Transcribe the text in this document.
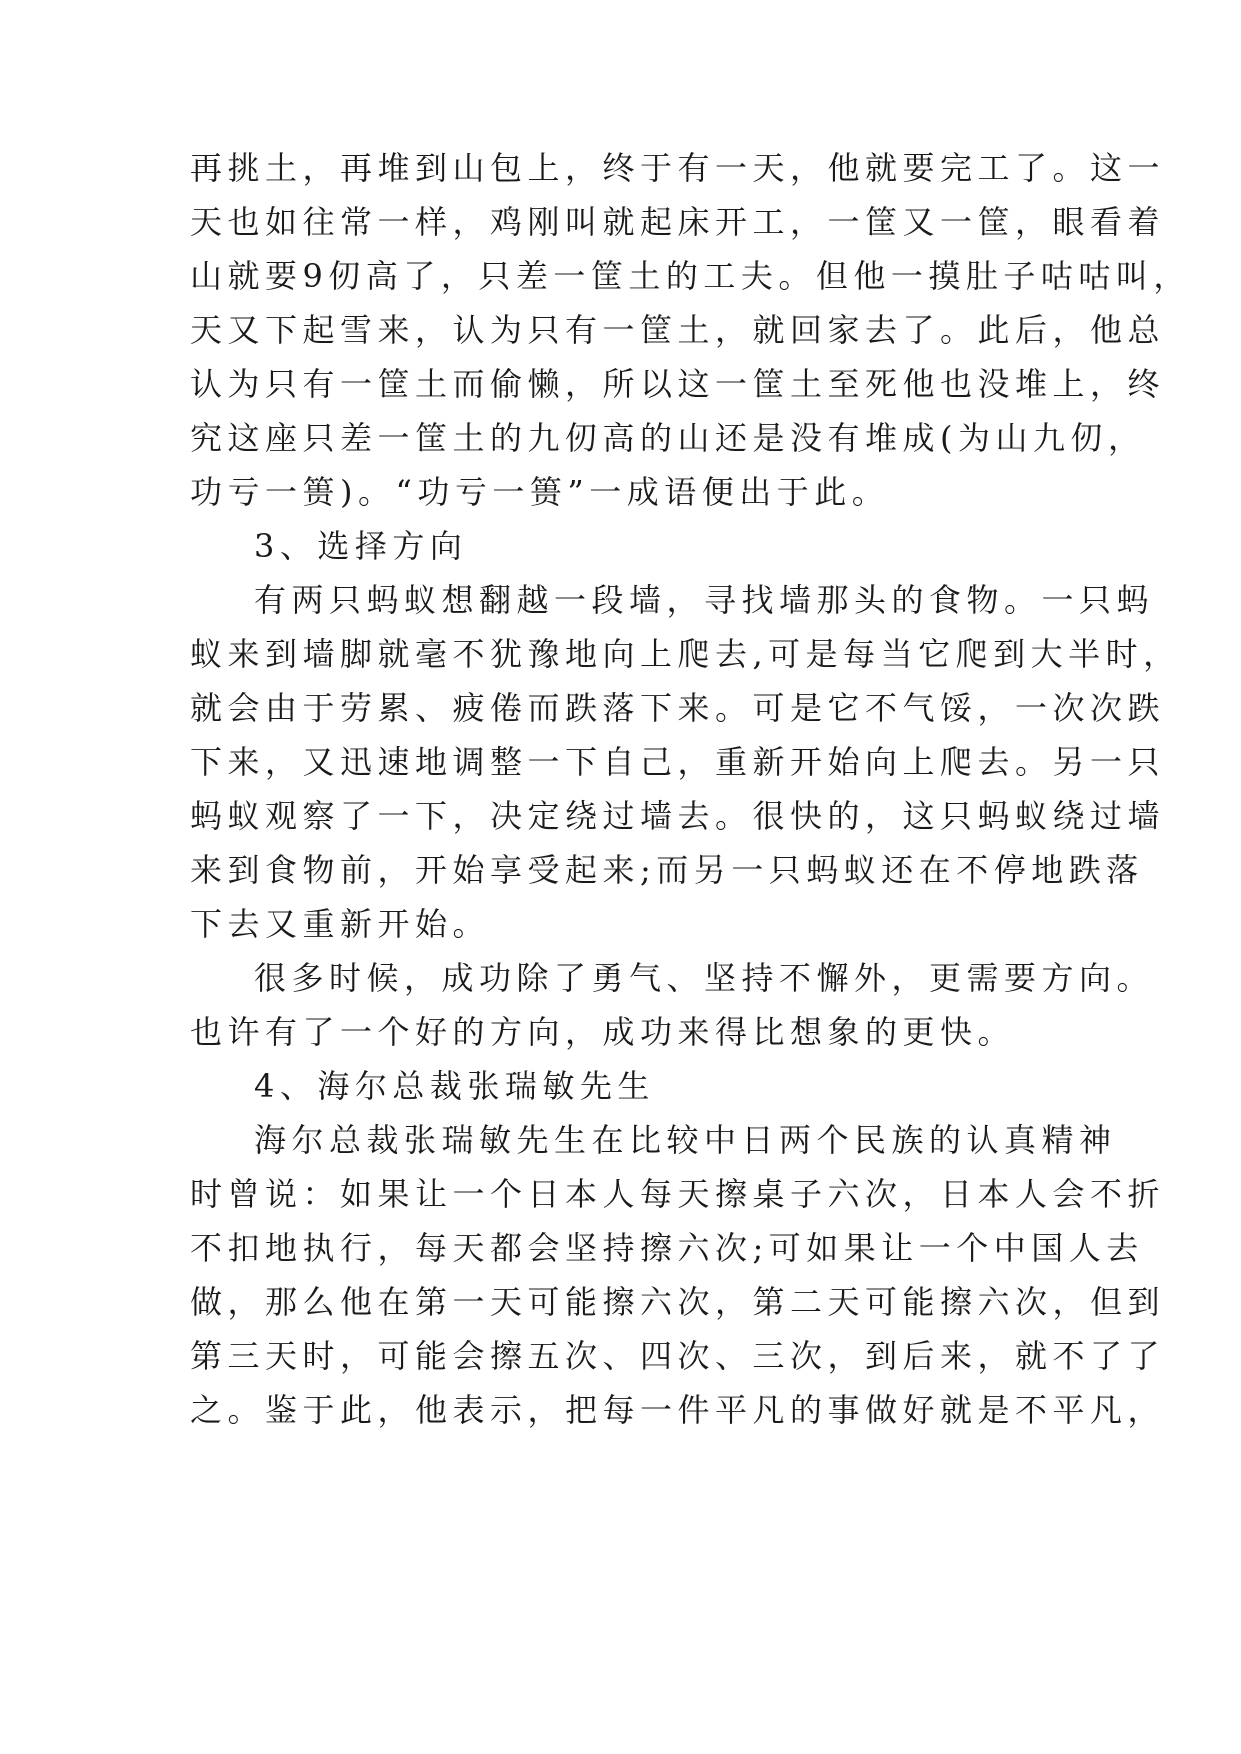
再挑土，再堆到山包上，终于有一天，他就要完工了。这一
天也如往常一样，鸡刚叫就起床开工，一筐又一筐，眼看着
山就要9仞高了，只差一筐土的工夫。但他一摸肚子咕咕叫，
天又下起雪来，认为只有一筐土，就回家去了。此后，他总
认为只有一筐土而偷懒，所以这一筐土至死他也没堆上，终
究这座只差一筐土的九仞高的山还是没有堆成(为山九仞，
功亏一篑)。“功亏一篑”一成语便出于此。
3、选择方向
有两只蚂蚁想翻越一段墙，寻找墙那头的食物。一只蚂
蚁来到墙脚就毫不犹豫地向上爬去,可是每当它爬到大半时，
就会由于劳累、疲倦而跌落下来。可是它不气馁，一次次跌
下来，又迅速地调整一下自己，重新开始向上爬去。另一只
蚂蚁观察了一下，决定绕过墙去。很快的，这只蚂蚁绕过墙
来到食物前，开始享受起来;而另一只蚂蚁还在不停地跌落
下去又重新开始。
很多时候，成功除了勇气、坚持不懈外，更需要方向。
也许有了一个好的方向，成功来得比想象的更快。
4、海尔总裁张瑞敏先生
海尔总裁张瑞敏先生在比较中日两个民族的认真精神
时曾说：如果让一个日本人每天擦桌子六次，日本人会不折
不扣地执行，每天都会坚持擦六次;可如果让一个中国人去
做，那么他在第一天可能擦六次，第二天可能擦六次，但到
第三天时，可能会擦五次、四次、三次，到后来，就不了了
之。鉴于此，他表示，把每一件平凡的事做好就是不平凡，
